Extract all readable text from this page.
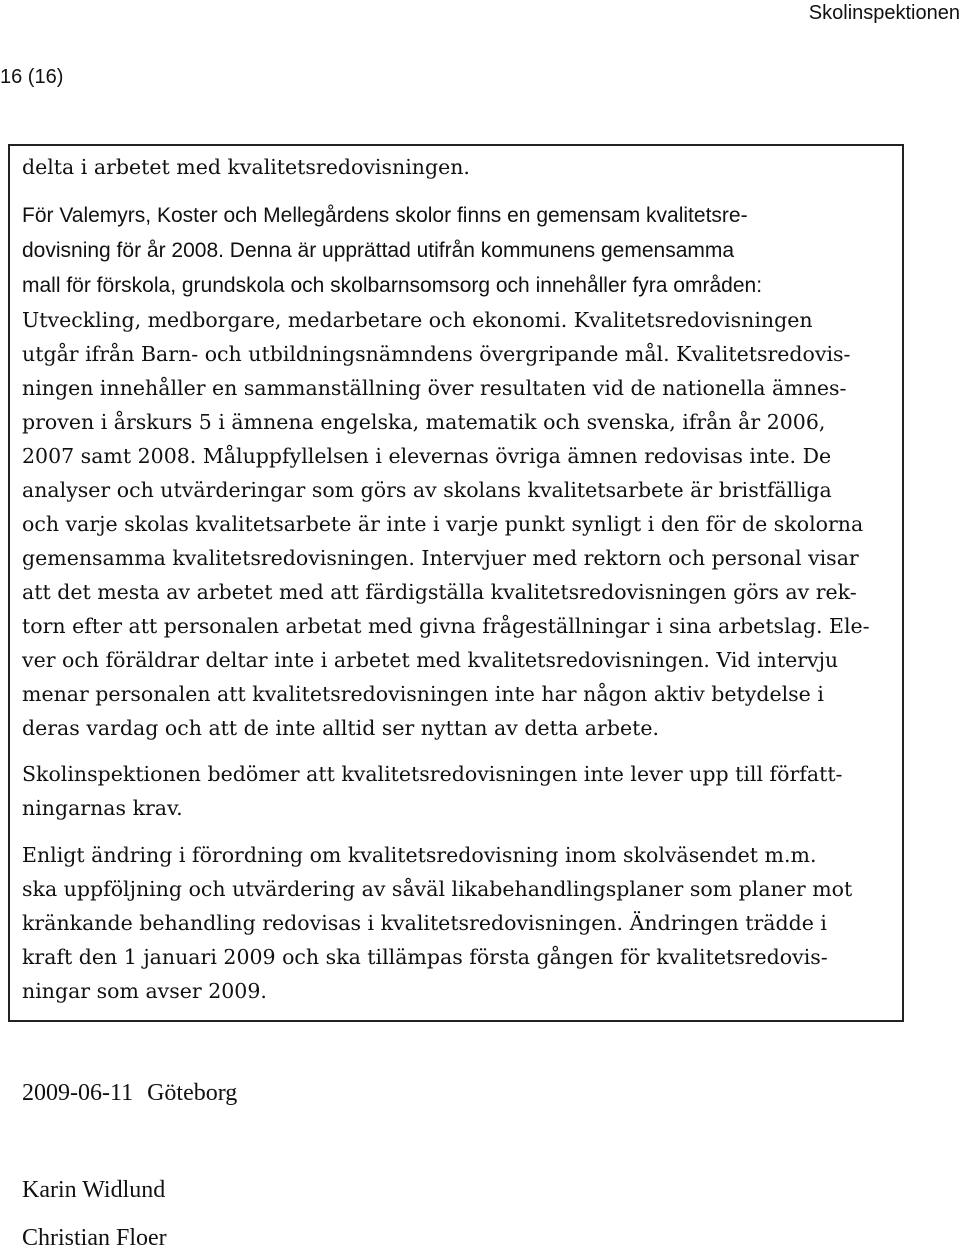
Skolinspektionen
16 (16)

delta i arbetet med kvalitetsredovisningen.

För Valemyrs, Koster och Mellegårdens skolor finns en gemensam kvalitetsre-
dovisning för år 2008. Denna är upprättad utifrån kommunens gemensamma
mall för förskola, grundskola och skolbarnsomsorg och innehåller fyra områden:
Utveckling, medborgare, medarbetare och ekonomi. Kvalitetsredovisningen
utgår ifrån Barn- och utbildningsnämndens övergripande mål. Kvalitetsredovis-
ningen innehåller en sammanställning över resultaten vid de nationella ämnes-
proven i årskurs 5 i ämnena engelska, matematik och svenska, ifrån år 2006,
2007 samt 2008. Måluppfyllelsen i elevernas övriga ämnen redovisas inte. De
analyser och utvärderingar som görs av skolans kvalitetsarbete är bristfälliga
och varje skolas kvalitetsarbete är inte i varje punkt synligt i den för de skolorna
gemensamma kvalitetsredovisningen. Intervjuer med rektorn och personal visar
att det mesta av arbetet med att färdigställa kvalitetsredovisningen görs av rek-
torn efter att personalen arbetat med givna frågeställningar i sina arbetslag. Ele-
ver och föräldrar deltar inte i arbetet med kvalitetsredovisningen. Vid intervju
menar personalen att kvalitetsredovisningen inte har någon aktiv betydelse i
deras vardag och att de inte alltid ser nyttan av detta arbete.

Skolinspektionen bedömer att kvalitetsredovisningen inte lever upp till författ-
ningarnas krav.

Enligt ändring i förordning om kvalitetsredovisning inom skolväsendet m.m.
ska uppföljning och utvärdering av såväl likabehandlingsplaner som planer mot
kränkande behandling redovisas i kvalitetsredovisningen. Ändringen trädde i
kraft den 1 januari 2009 och ska tillämpas första gången för kvalitetsredovis-
ningar som avser 2009.

2009-06-11 Göteborg
Karin Widlund
Christian Floer
